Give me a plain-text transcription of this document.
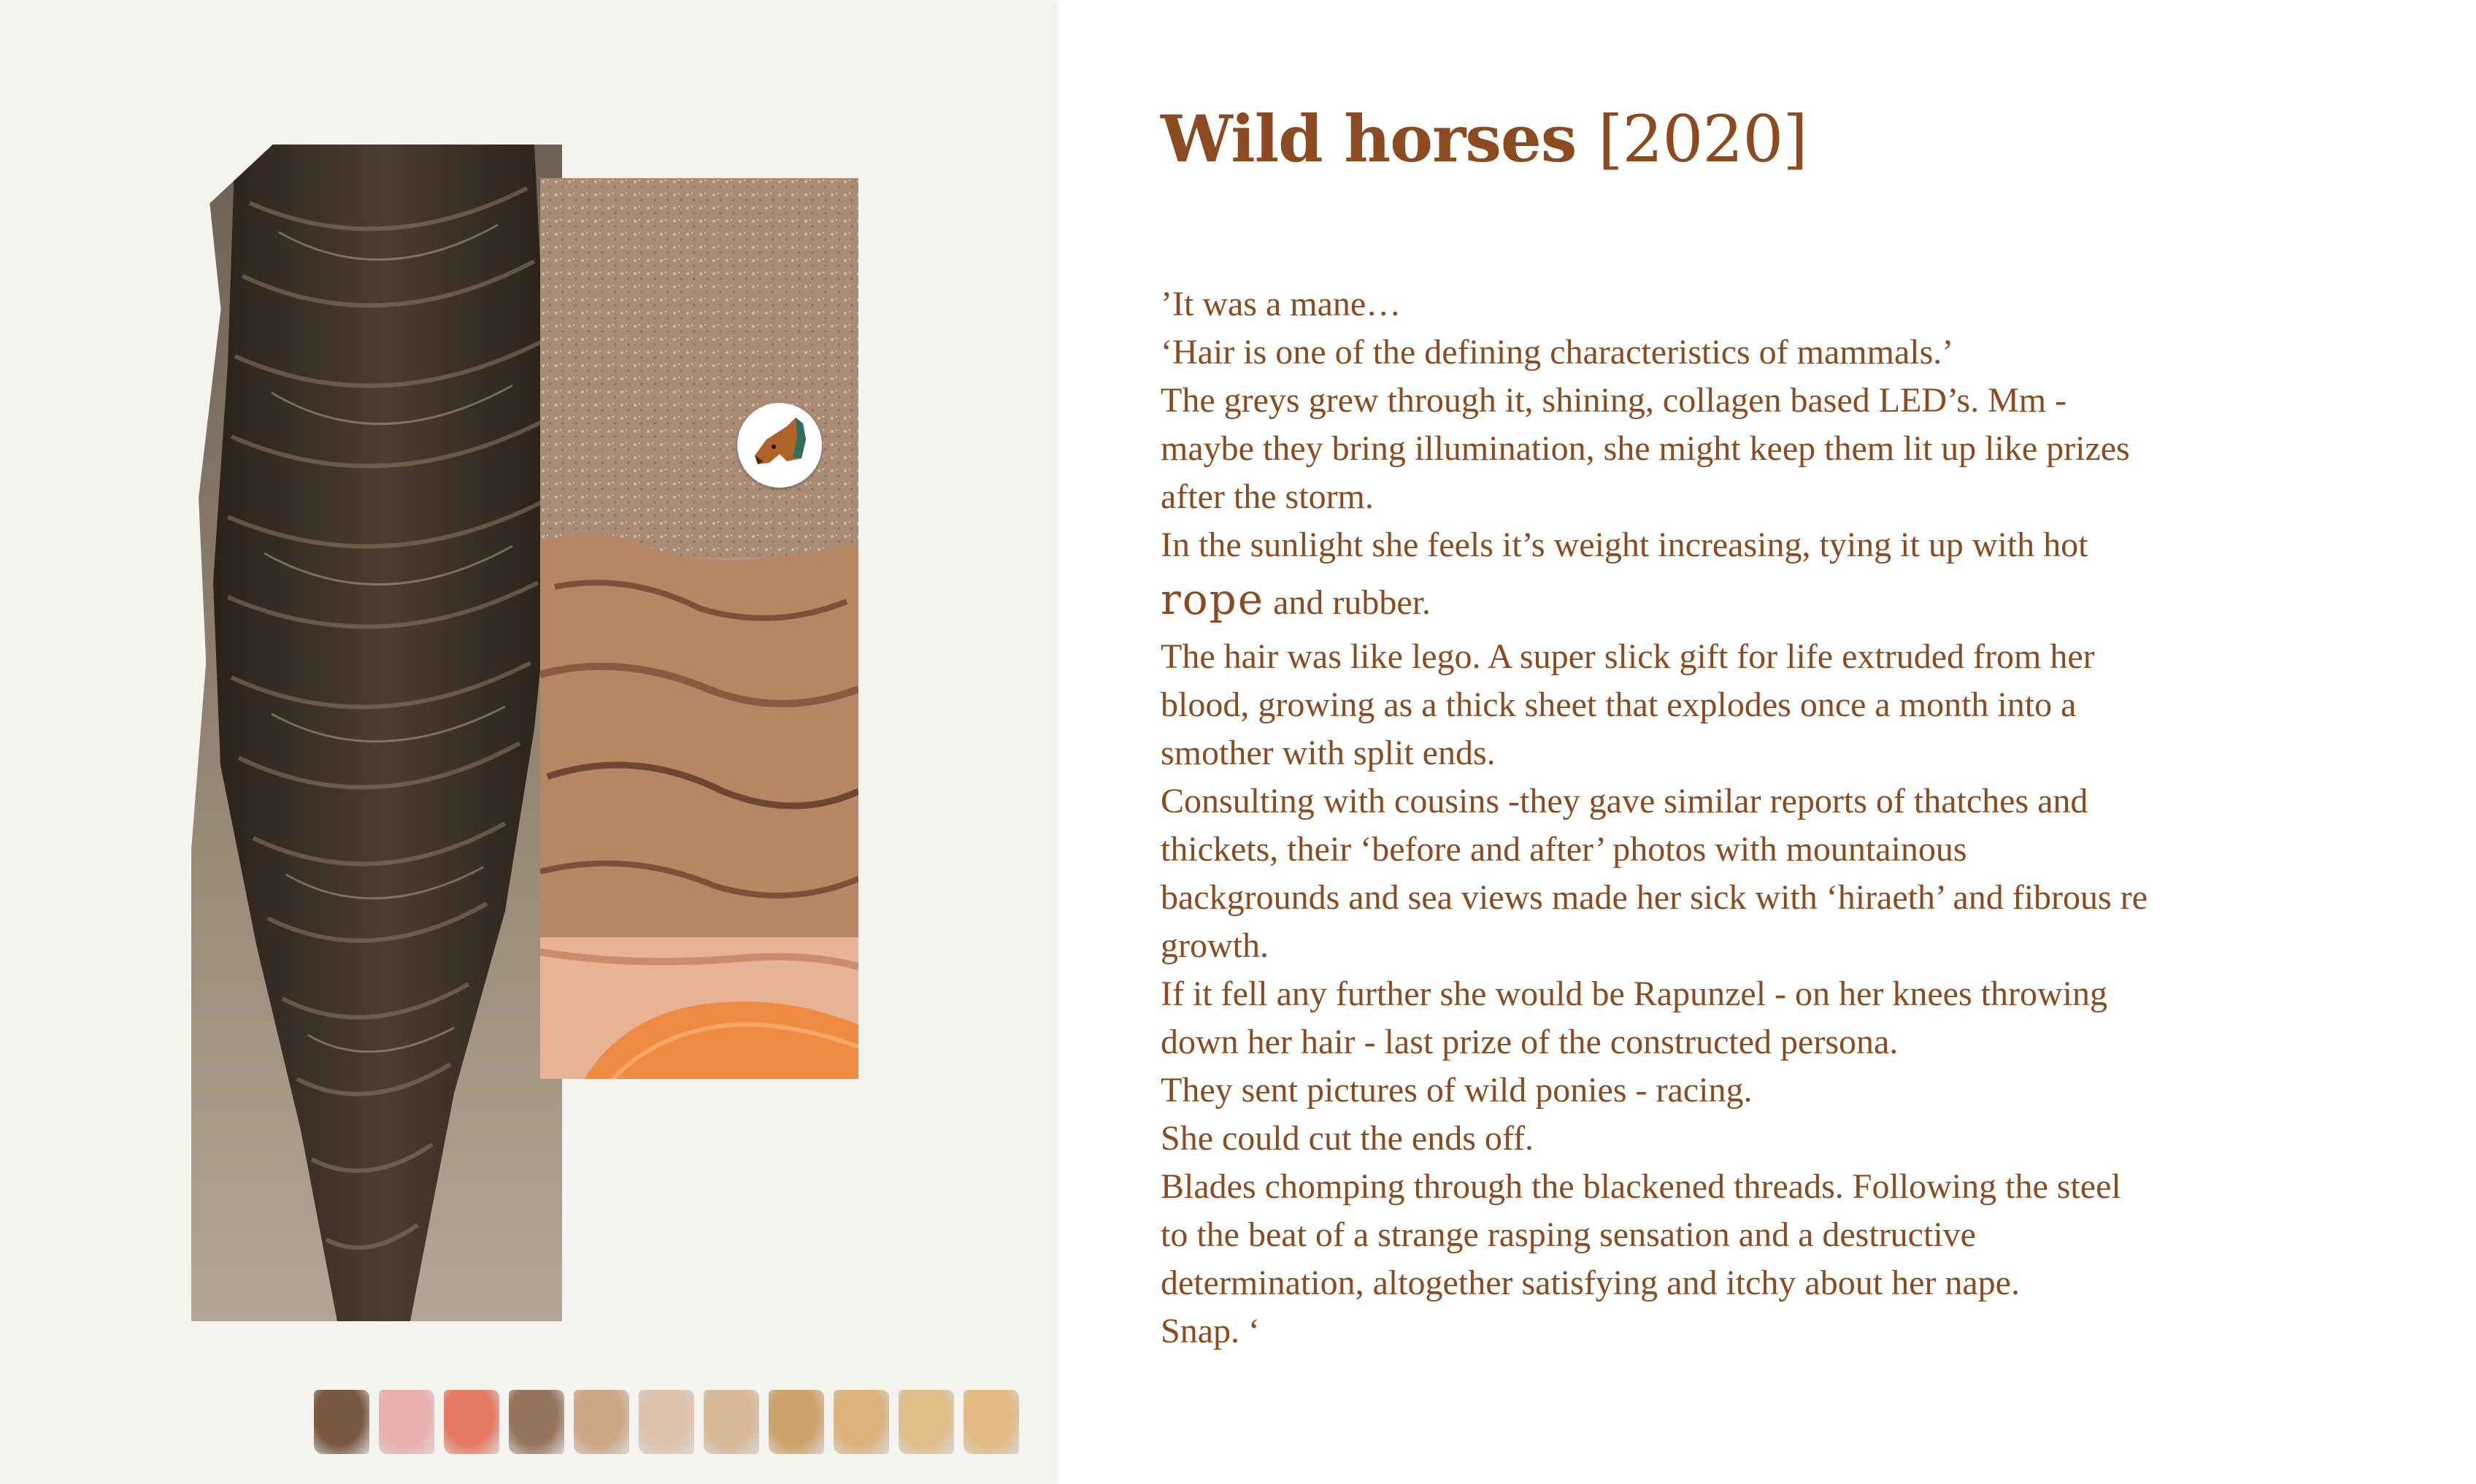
Wild horses [2020]
’It was a mane…
‘Hair is one of the defining characteristics of mammals.’
The greys grew through it, shining, collagen based LED’s. Mm -
maybe they bring illumination, she might keep them lit up like prizes
after the storm.
In the sunlight she feels it’s weight increasing, tying it up with hot
rope and rubber.
The hair was like lego. A super slick gift for life extruded from her
blood, growing as a thick sheet that explodes once a month into a
smother with split ends.
Consulting with cousins -they gave similar reports of thatches and
thickets, their ‘before and after’ photos with mountainous
backgrounds and sea views made her sick with ‘hiraeth’ and fibrous re
growth.
If it fell any further she would be Rapunzel - on her knees throwing
down her hair - last prize of the constructed persona.
They sent pictures of wild ponies - racing.
She could cut the ends off.
Blades chomping through the blackened threads. Following the steel
to the beat of a strange rasping sensation and a destructive
determination, altogether satisfying and itchy about her nape.
Snap. ‘
